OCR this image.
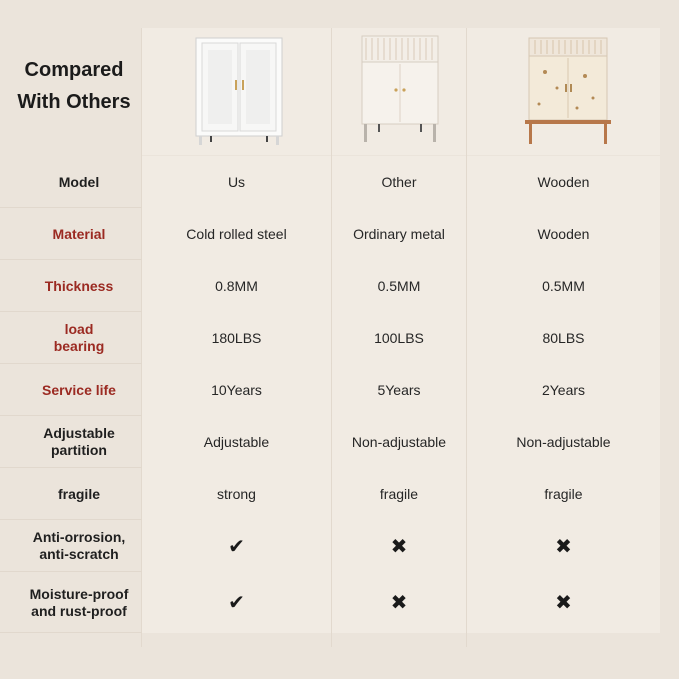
Compared
With Others
Model	Us	Other	Wooden
Material	Cold rolled steel	Ordinary metal	Wooden
Thickness	0.8MM	0.5MM	0.5MM
load
bearing	180LBS	100LBS	80LBS
Service life	10Years	5Years	2Years
Adjustable
partition	Adjustable	Non-adjustable	Non-adjustable
fragile	strong	fragile	fragile
Anti-orrosion,
anti-scratch	✔	✖	✖
Moisture-proof
and rust-proof	✔	✖	✖
